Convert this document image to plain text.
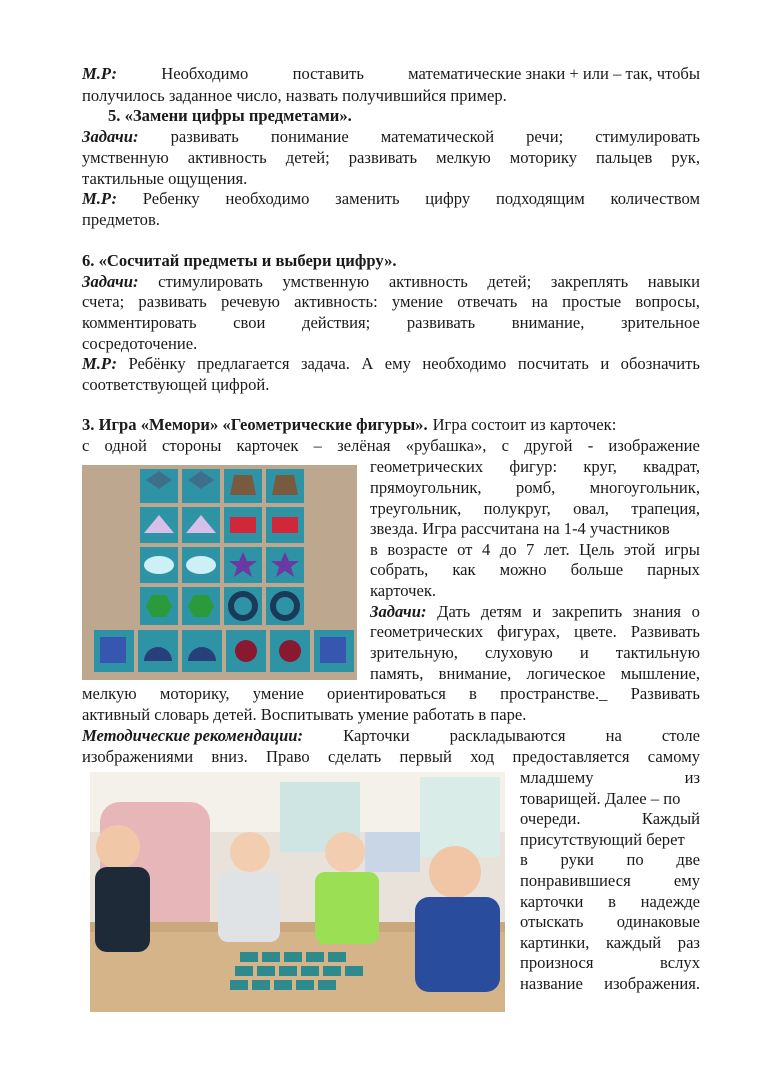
М.Р:	Необходимо	поставить	математические знаки + или – так, чтобы
получилось заданное число, назвать получившийся пример.
5. «Замени цифры предметами».
Задачи: развивать понимание математической речи; стимулировать
умственную активность детей; развивать мелкую моторику пальцев рук,
тактильные ощущения.
М.Р: Ребенку необходимо заменить цифру подходящим количеством
предметов.
6. «Сосчитай предметы и выбери цифру».
Задачи: стимулировать умственную активность детей; закреплять навыки
счета; развивать речевую активность: умение отвечать на простые вопросы,
комментировать свои действия; развивать внимание, зрительное
сосредоточение.
М.Р: Ребёнку предлагается задача. А ему необходимо посчитать и обозначить
соответствующей цифрой.
3. Игра «Мемори» «Геометрические фигуры». Игра состоит из карточек:
с одной стороны карточек – зелёная «рубашка», с другой - изображение
геометрических фигур: круг, квадрат,
прямоугольник, ромб, многоугольник,
треугольник, полукруг, овал, трапеция,
звезда. Игра рассчитана на 1-4 участников
в возрасте от 4 до 7 лет. Цель этой игры
собрать, как можно больше парных
карточек.
Задачи: Дать детям и закрепить знания о
геометрических фигурах, цвете. Развивать
зрительную, слуховую и тактильную
память, внимание, логическое мышление,
мелкую моторику, умение ориентироваться в пространстве._ Развивать
активный словарь детей. Воспитывать умение работать в паре.
Методические рекомендации: Карточки раскладываются на столе
изображениями вниз. Право сделать первый ход предоставляется самому
младшему	из
товарищей. Далее – по
очереди.	Каждый
присутствующий берет
в руки по две
понравившиеся	ему
карточки в надежде
отыскать одинаковые
картинки, каждый раз
произнося	вслух
название изображения.
